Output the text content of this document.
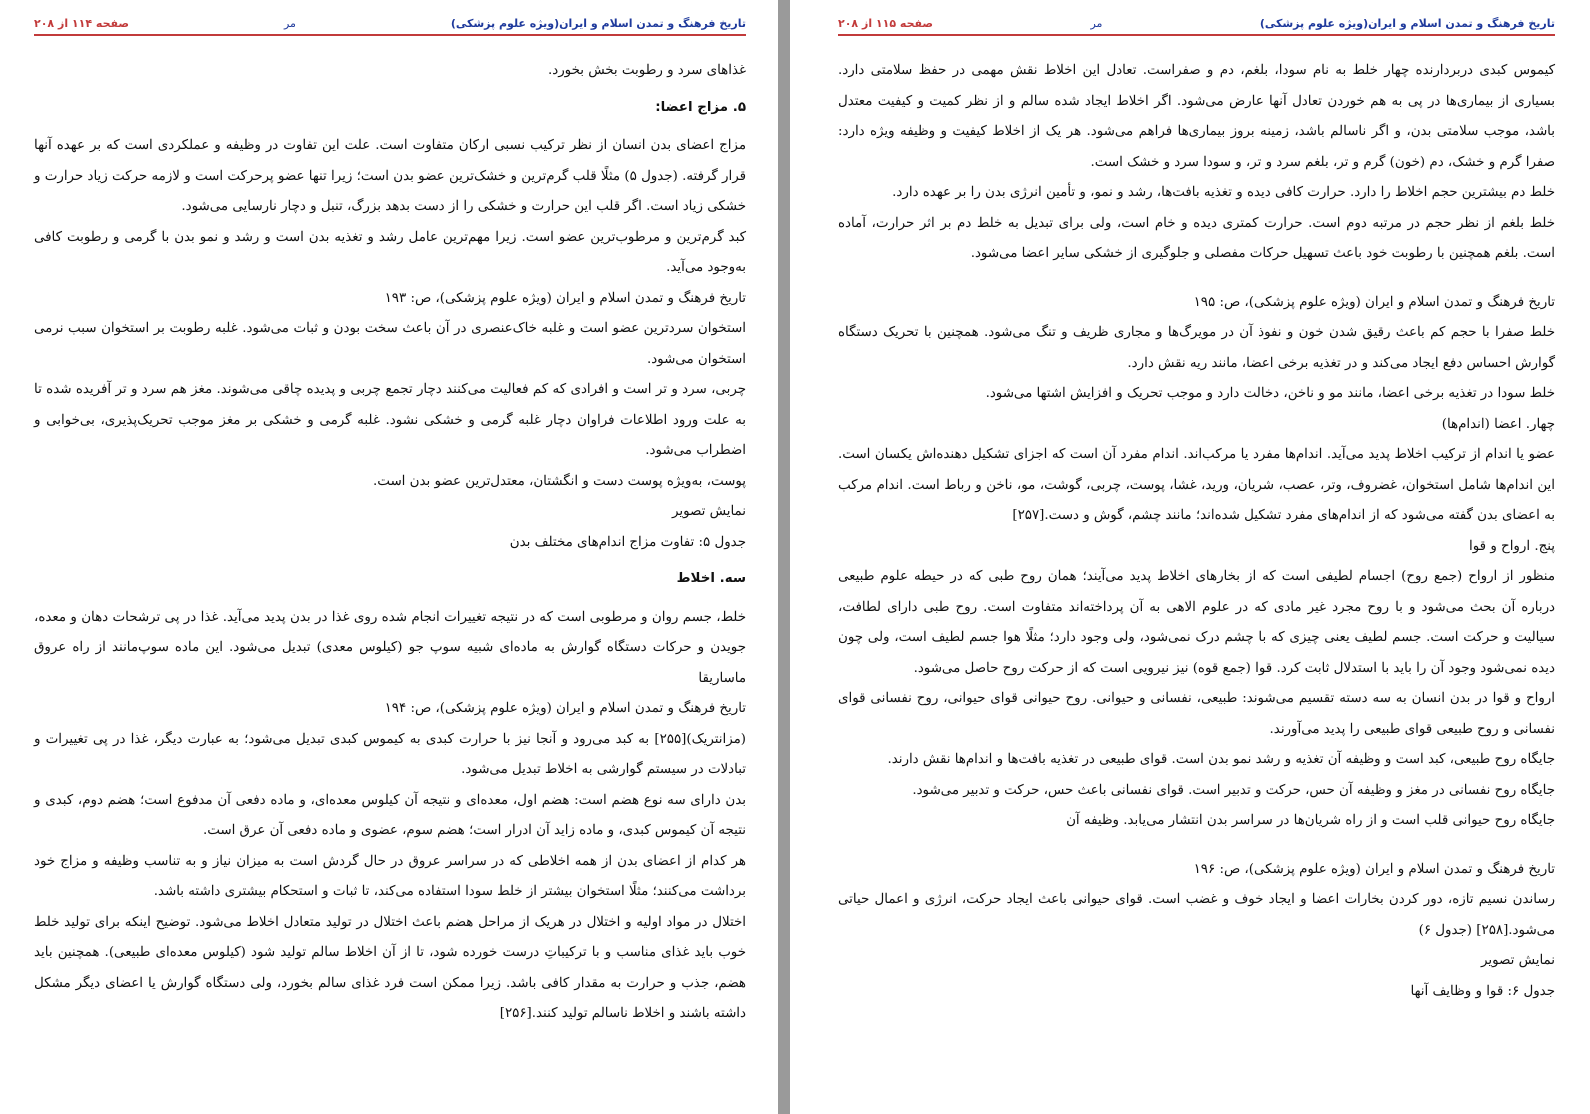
تاریخ فرهنگ و تمدن اسلام و ایران(ویژه علوم پزشکی)
مر
صفحه ۱۱۴ از ۲۰۸

غذاهای سرد و رطوبت بخش بخورد.

۵. مزاج اعضا:

مزاج اعضای بدن انسان از نظر ترکیب نسبی ارکان متفاوت است. علت این تفاوت در وظیفه و عملکردی است که بر عهده آنها قرار گرفته. (جدول ۵) مثلًا قلب گرم‌ترین و خشک‌ترین عضو بدن است؛ زیرا تنها عضو پرحرکت است و لازمه حرکت زیاد حرارت و خشکی زیاد است. اگر قلب این حرارت و خشکی را از دست بدهد بزرگ، تنبل و دچار نارسایی می‌شود.

کبد گرم‌ترین و مرطوب‌ترین عضو است. زیرا مهم‌ترین عامل رشد و تغذیه بدن است و رشد و نمو بدن با گرمی و رطوبت کافی به‌وجود می‌آید.

تاریخ فرهنگ و تمدن اسلام و ایران (ویژه علوم پزشکی)، ص: ۱۹۳

استخوان سردترین عضو است و غلبه خاک‌عنصری در آن باعث سخت بودن و ثبات می‌شود. غلبه رطوبت بر استخوان سبب نرمی استخوان می‌شود.

چربی، سرد و تر است و افرادی که کم فعالیت می‌کنند دچار تجمع چربی و پدیده چاقی می‌شوند. مغز هم سرد و تر آفریده شده تا به علت ورود اطلاعات فراوان دچار غلبه گرمی و خشکی نشود. غلبه گرمی و خشکی بر مغز موجب تحریک‌پذیری، بی‌خوابی و اضطراب می‌شود.

پوست، به‌ویژه پوست دست و انگشتان، معتدل‌ترین عضو بدن است.

نمایش تصویر

جدول ۵: تفاوت مزاج اندام‌های مختلف بدن

سه. اخلاط

خلط، جسم روان و مرطوبی است که در نتیجه تغییرات انجام شده روی غذا در بدن پدید می‌آید. غذا در پی ترشحات دهان و معده، جویدن و حرکات دستگاه گوارش به ماده‌ای شبیه سوپ جو (کیلوس معدی) تبدیل می‌شود. این ماده سوپ‌مانند از راه عروق ماساریقا

تاریخ فرهنگ و تمدن اسلام و ایران (ویژه علوم پزشکی)، ص: ۱۹۴

(مزانتریک)[۲۵۵] به کبد می‌رود و آنجا نیز با حرارت کبدی به کیموس کبدی تبدیل می‌شود؛ به عبارت دیگر، غذا در پی تغییرات و تبادلات در سیستم گوارشی به اخلاط تبدیل می‌شود.

بدن دارای سه نوع هضم است: هضم اول، معده‌ای و نتیجه آن کیلوس معده‌ای، و ماده دفعی آن مدفوع است؛ هضم دوم، کبدی و نتیجه آن کیموس کبدی، و ماده زاید آن ادرار است؛ هضم سوم، عضوی و ماده دفعی آن عرق است.

هر کدام از اعضای بدن از همه اخلاطی که در سراسر عروق در حال گردش است به میزان نیاز و به تناسب وظیفه و مزاج خود برداشت می‌کنند؛ مثلًا استخوان بیشتر از خلط سودا استفاده می‌کند، تا ثبات و استحکام بیشتری داشته باشد.

اختلال در مواد اولیه و اختلال در هریک از مراحل هضم باعث اختلال در تولید متعادل اخلاط می‌شود. توضیح اینکه برای تولید خلط خوب باید غذای مناسب و با ترکیباتِ درست خورده شود، تا از آن اخلاط سالم تولید شود (کیلوس معده‌ای طبیعی). همچنین باید هضم، جذب و حرارت به مقدار کافی باشد. زیرا ممکن است فرد غذای سالم بخورد، ولی دستگاه گوارش یا اعضای دیگر مشکل داشته باشند و اخلاط ناسالم تولید کنند.[۲۵۶]

تاریخ فرهنگ و تمدن اسلام و ایران(ویژه علوم پزشکی)
مر
صفحه ۱۱۵ از ۲۰۸

کیموس کبدی دربردارنده چهار خلط به نام سودا، بلغم، دم و صفراست. تعادل این اخلاط نقش مهمی در حفظ سلامتی دارد. بسیاری از بیماری‌ها در پی به هم خوردن تعادل آنها عارض می‌شود. اگر اخلاط ایجاد شده سالم و از نظر کمیت و کیفیت معتدل باشد، موجب سلامتی بدن، و اگر ناسالم باشد، زمینه بروز بیماری‌ها فراهم می‌شود. هر یک از اخلاط کیفیت و وظیفه ویژه دارد: صفرا گرم و خشک، دم (خون) گرم و تر، بلغم سرد و تر، و سودا سرد و خشک است.

خلط دم بیشترین حجم اخلاط را دارد. حرارت کافی دیده و تغذیه بافت‌ها، رشد و نمو، و تأمین انرژی بدن را بر عهده دارد.

خلط بلغم از نظر حجم در مرتبه دوم است. حرارت کمتری دیده و خام است، ولی برای تبدیل به خلط دم بر اثر حرارت، آماده است. بلغم همچنین با رطوبت خود باعث تسهیل حرکات مفصلی و جلوگیری از خشکی سایر اعضا می‌شود.

تاریخ فرهنگ و تمدن اسلام و ایران (ویژه علوم پزشکی)، ص: ۱۹۵

خلط صفرا با حجم کم باعث رقیق شدن خون و نفوذ آن در مویرگ‌ها و مجاری ظریف و تنگ می‌شود. همچنین با تحریک دستگاه گوارش احساس دفع ایجاد می‌کند و در تغذیه برخی اعضا، مانند ریه نقش دارد.

خلط سودا در تغذیه برخی اعضا، مانند مو و ناخن، دخالت دارد و موجب تحریک و افزایش اشتها می‌شود.

چهار. اعضا (اندام‌ها)

عضو یا اندام از ترکیب اخلاط پدید می‌آید. اندام‌ها مفرد یا مرکب‌اند. اندام مفرد آن است که اجزای تشکیل دهنده‌اش یکسان است. این اندام‌ها شامل استخوان، غضروف، وتر، عصب، شریان، ورید، غشا، پوست، چربی، گوشت، مو، ناخن و رباط است. اندام مرکب به اعضای بدن گفته می‌شود که از اندام‌های مفرد تشکیل شده‌اند؛ مانند چشم، گوش و دست.[۲۵۷]

پنج. ارواح و قوا

منظور از ارواح (جمع روح) اجسام لطیفی است که از بخارهای اخلاط پدید می‌آیند؛ همان روح طبی که در حیطه علوم طبیعی درباره آن بحث می‌شود و با روح مجرد غیر مادی که در علوم الاهی به آن پرداخته‌اند متفاوت است. روح طبی دارای لطافت، سیالیت و حرکت است. جسم لطیف یعنی چیزی که با چشم درک نمی‌شود، ولی وجود دارد؛ مثلًا هوا جسم لطیف است، ولی چون دیده نمی‌شود وجود آن را باید با استدلال ثابت کرد. قوا (جمع قوه) نیز نیرویی است که از حرکت روح حاصل می‌شود.

ارواح و قوا در بدن انسان به سه دسته تقسیم می‌شوند: طبیعی، نفسانی و حیوانی. روح حیوانی قوای حیوانی، روح نفسانی قوای نفسانی و روح طبیعی قوای طبیعی را پدید می‌آورند.

جایگاه روح طبیعی، کبد است و وظیفه آن تغذیه و رشد نمو بدن است. قوای طبیعی در تغذیه بافت‌ها و اندام‌ها نقش دارند.

جایگاه روح نفسانی در مغز و وظیفه آن حس، حرکت و تدبیر است. قوای نفسانی باعث حس، حرکت و تدبیر می‌شود.

جایگاه روح حیوانی قلب است و از راه شریان‌ها در سراسر بدن انتشار می‌یابد. وظیفه آن

تاریخ فرهنگ و تمدن اسلام و ایران (ویژه علوم پزشکی)، ص: ۱۹۶

رساندن نسیم تازه، دور کردن بخارات اعضا و ایجاد خوف و غضب است. قوای حیوانی باعث ایجاد حرکت، انرژی و اعمال حیاتی می‌شود.[۲۵۸] (جدول ۶)

نمایش تصویر

جدول ۶: قوا و وظایف آنها
